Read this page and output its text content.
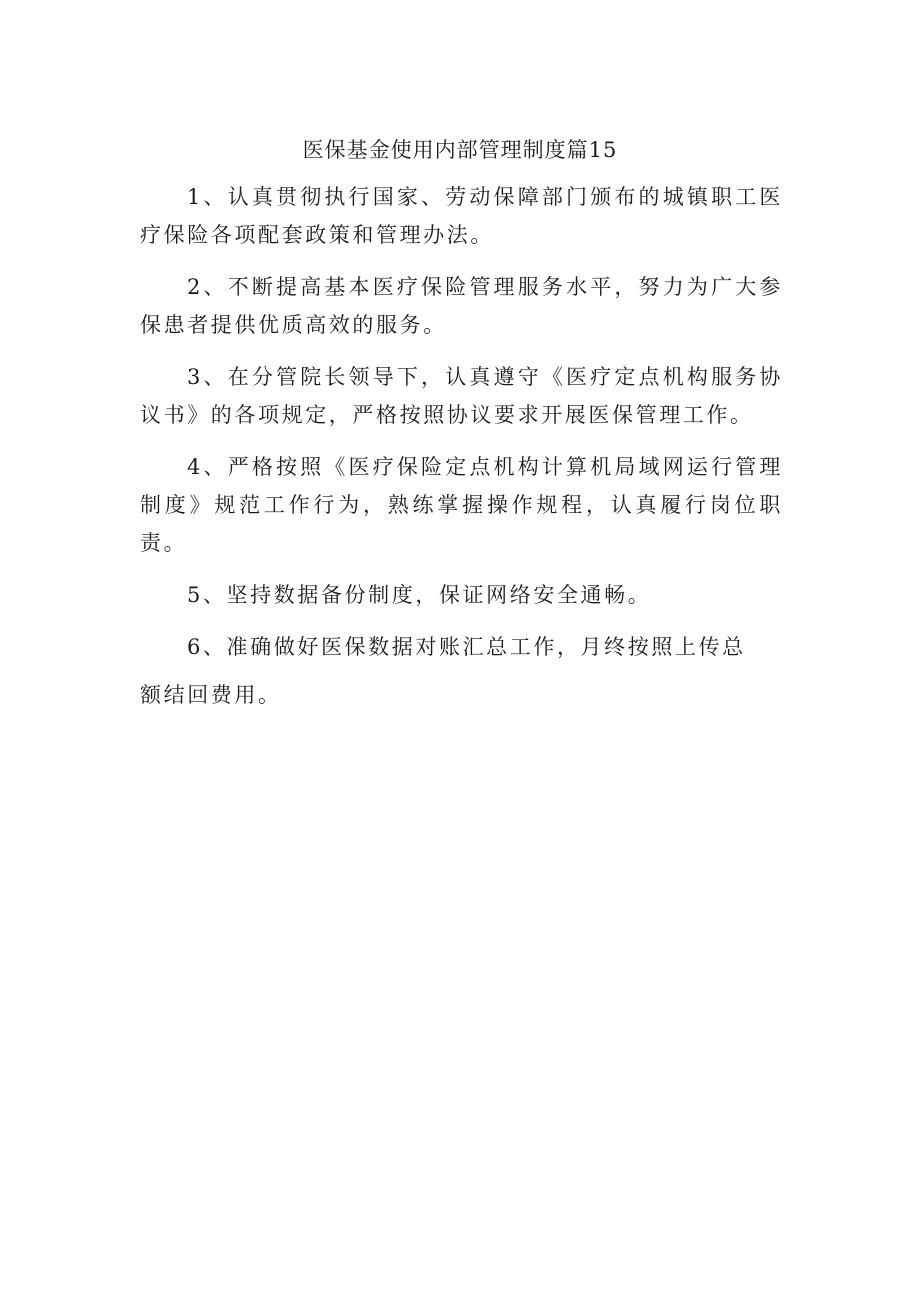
医保基金使用内部管理制度篇15

1、认真贯彻执行国家、劳动保障部门颁布的城镇职工医疗保险各项配套政策和管理办法。

2、不断提高基本医疗保险管理服务水平，努力为广大参保患者提供优质高效的服务。

3、在分管院长领导下，认真遵守《医疗定点机构服务协议书》的各项规定，严格按照协议要求开展医保管理工作。

4、严格按照《医疗保险定点机构计算机局域网运行管理制度》规范工作行为，熟练掌握操作规程，认真履行岗位职责。

5、坚持数据备份制度，保证网络安全通畅。

6、准确做好医保数据对账汇总工作，月终按照上传总

额结回费用。
